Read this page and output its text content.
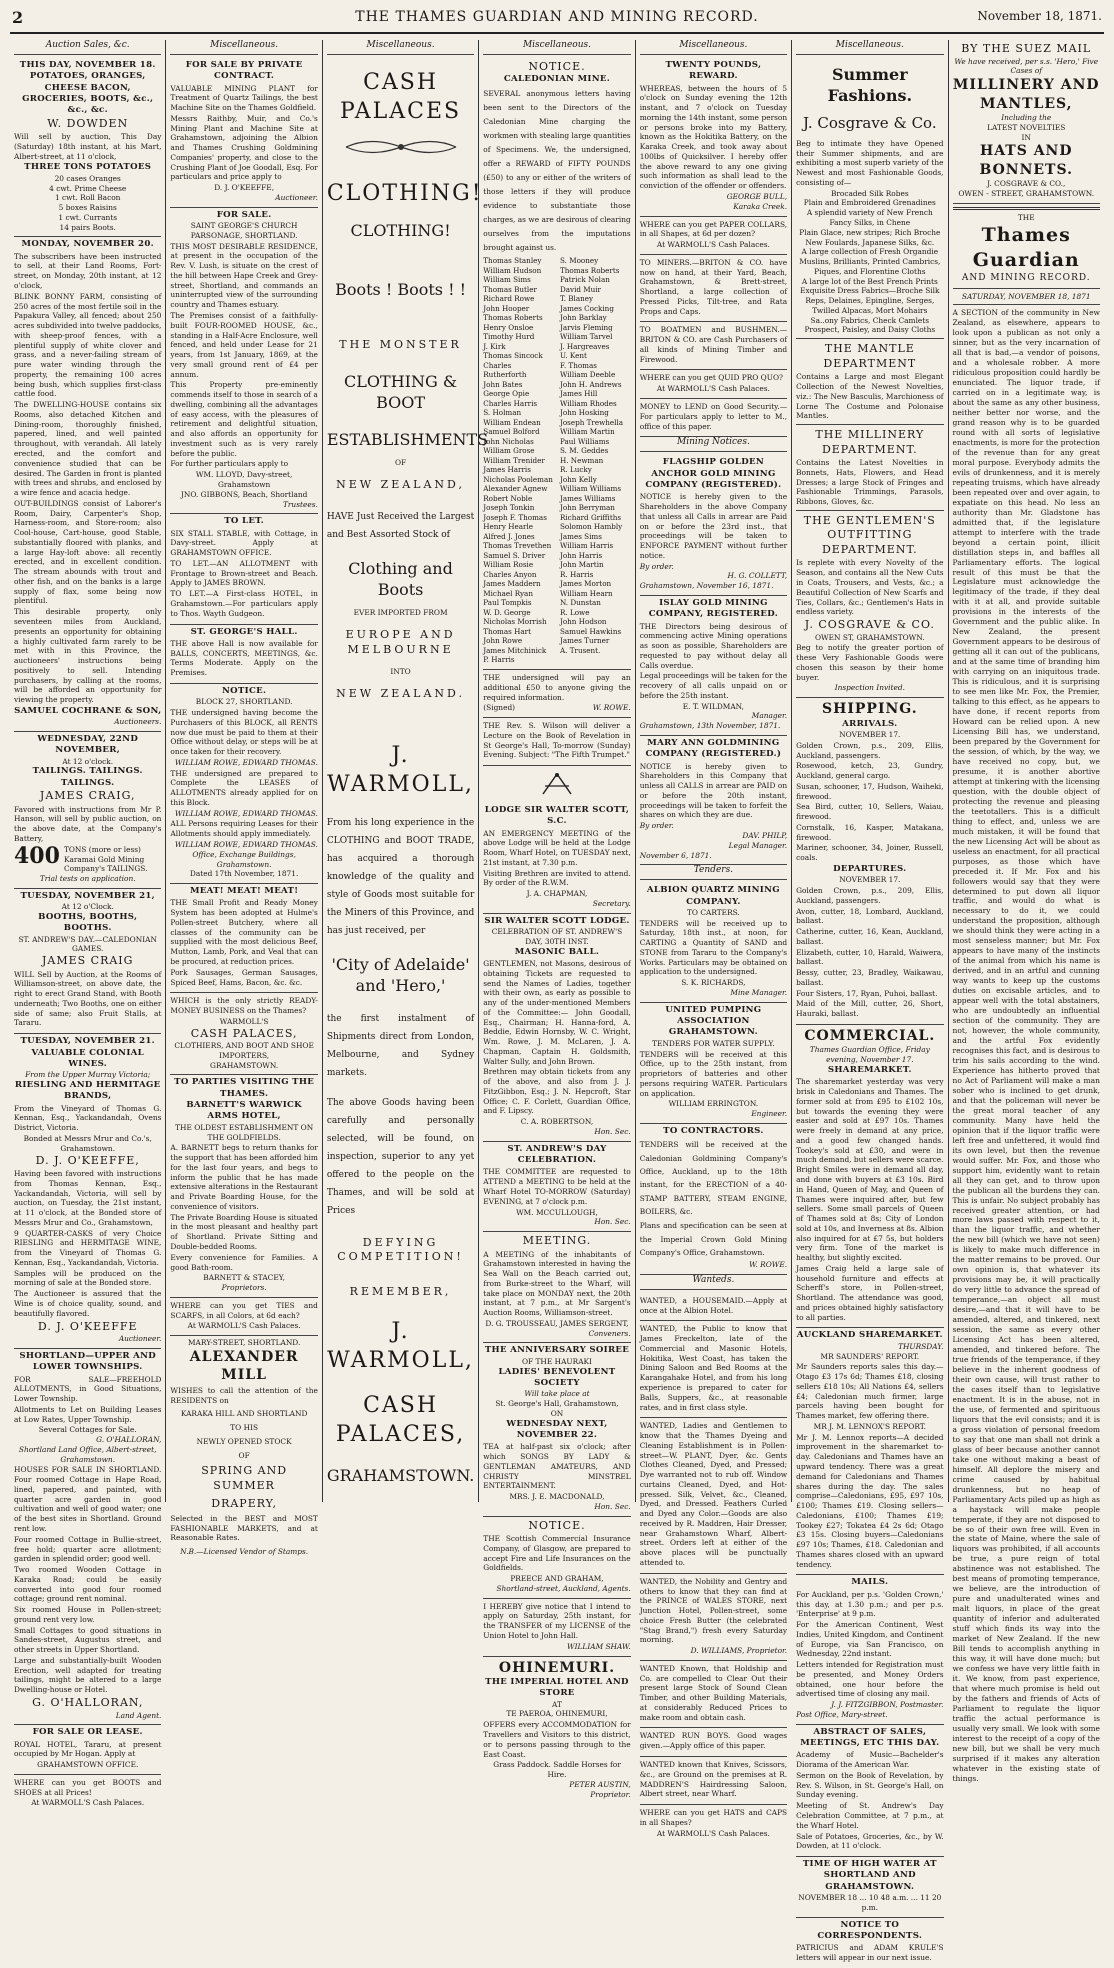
2	THE THAMES GUARDIAN AND MINING RECORD.	November 18, 1871.
Auction Sales, &c.
THIS DAY, NOVEMBER 18.
POTATOES, ORANGES, CHEESE BACON, GROCERIES, BOOTS, &c., &c., &c.
W. DOWDEN
Will sell by auction, This Day (Saturday) 18th instant, at his Mart, Albert-street, at 11 o'clock,
THREE TONS POTATOES
20 cases Oranges
4 cwt. Prime Cheese
1 cwt. Roll Bacon
5 boxes Raisins
1 cwt. Currants
14 pairs Boots.
MONDAY, NOVEMBER 20.
The subscribers have been instructed to sell, at their Land Rooms, Fort-street, on Monday, 20th instant, at 12 o'clock,
BLINK BONNY FARM, consisting of 250 acres of the most fertile soil in the Papakura Valley, all fenced; about 250 acres subdivided into twelve paddocks, with sheep-proof fences, with a plentiful supply of white clover and grass, and a never-failing stream of pure water winding through the property, the remaining 100 acres being bush, which supplies first-class cattle food.
The DWELLING-HOUSE contains six Rooms, also detached Kitchen and Dining-room, thoroughly finished, papered, lined, and well painted throughout, with verandah. All lately erected, and the comfort and convenience studied that can be desired. The Garden in front is planted with trees and shrubs, and enclosed by a wire fence and acacia hedge.
OUT-BUILDINGS consist of Laborer's Room, Dairy, Carpenter's Shop, Harness-room, and Store-room; also Cool-house, Cart-house, good Stable, substantially floored with planks, and a large Hay-loft above: all recently erected, and in excellent condition. The stream abounds with trout and other fish, and on the banks is a large supply of flax, some being now plentiful.
This desirable property, only seventeen miles from Auckland, presents an opportunity for obtaining a highly cultivated farm rarely to be met with in this Province, the auctioneers' instructions being positively to sell. Intending purchasers, by calling at the rooms, will be afforded an opportunity for viewing the property.
SAMUEL COCHRANE & SON,
Auctioneers.
WEDNESDAY, 22ND NOVEMBER,
At 12 o'clock.
TAILINGS. TAILINGS. TAILINGS.
JAMES CRAIG,
Favored with instructions from Mr P. Hanson, will sell by public auction, on the above date, at the Company's Battery,
400 TONS (more or less) Karamai Gold Mining Company's TAILINGS.
Trial tests on application.
TUESDAY, NOVEMBER 21,
At 12 o'Clock.
BOOTHS, BOOTHS, BOOTHS.
ST. ANDREW'S DAY.—CALEDONIAN GAMES.
JAMES CRAIG
WILL Sell by Auction, at the Rooms of Williamson-street, on above date, the right to erect Grand Stand, with Booth underneath; Two Booths, one on either side of same; also Fruit Stalls, at Tararu.
TUESDAY, NOVEMBER 21.
VALUABLE COLONIAL WINES.
From the Upper Murray Victoria;
RIESLING AND HERMITAGE BRANDS,
From the Vineyard of Thomas G. Kennan, Esq., Yackandandah, Ovens District, Victoria.
Bonded at Messrs Mrur and Co.'s, Grahamstown.
D. J. O'KEEFFE,
Having been favored with instructions from Thomas Kennan, Esq., Yackandandah, Victoria, will sell by auction, on Tuesday, the 21st instant, at 11 o'clock, at the Bonded store of Messrs Mrur and Co., Grahamstown,
9 QUARTER-CASKS of very Choice RIESLING and HERMITAGE WINE, from the Vineyard of Thomas G. Kennan, Esq., Yackandandah, Victoria.
Samples will be produced on the morning of sale at the Bonded store.
The Auctioneer is assured that the Wine is of choice quality, sound, and beautifully flavored.
D. J. O'KEEFFE
Auctioneer.
SHORTLAND—UPPER AND LOWER TOWNSHIPS.
FOR SALE—FREEHOLD ALLOTMENTS, in Good Situations, Lower Township.
Allotments to Let on Building Leases at Low Rates, Upper Township.
Several Cottages for Sale.
G. O'HALLORAN,
Shortland Land Office, Albert-street, Grahamstown.
HOUSES FOR SALE IN SHORTLAND. Four roomed Cottage in Hape Road, lined, papered, and painted, with quarter acre garden in good cultivation and well of good water; one of the best sites in Shortland. Ground rent low.
Four roomed Cottage in Bullie-street, free hold; quarter acre allotment; garden in splendid order; good well.
Two roomed Wooden Cottage in Karaka Road; could be easily converted into good four roomed cottage; ground rent nominal.
Six roomed House in Pollen-street; ground rent very low.
Small Cottages to good situations in Sandes-street, Augustus street, and other streets in Upper Shortland.
Large and substantially-built Wooden Erection, well adapted for treating tailings, might be altered to a large Dwelling-house or Hotel.
G. O'HALLORAN,
Land Agent.
FOR SALE OR LEASE.
ROYAL HOTEL, Tararu, at present occupied by Mr Hogan. Apply at
GRAHAMSTOWN OFFICE.
WHERE can you get BOOTS and SHOES at all Prices!
At WARMOLL'S Cash Palaces.
Miscellaneous.
FOR SALE BY PRIVATE CONTRACT.
VALUABLE MINING PLANT for Treatment of Quartz Tailings, the best Machine Site on the Thames Goldfield.
Messrs Raithby, Muir, and Co.'s Mining Plant and Machine Site at Grahamstown, adjoining the Albion and Thames Crushing Goldmining Companies' property, and close to the Crushing Plant of Joe Goodall, Esq. For particulars and price apply to
D. J. O'KEEFFE,
Auctioneer.
FOR SALE.
SAINT GEORGE'S CHURCH PARSONAGE, SHORTLAND.
THIS MOST DESIRABLE RESIDENCE, at present in the occupation of the Rev. V. Lush, is situate on the crest of the hill between Hape Creek and Grey-street, Shortland, and commands an uninterrupted view of the surrounding country and Thames estuary.
The Premises consist of a faithfully-built FOUR-ROOMED HOUSE, &c., standing in a Half-Acre Enclosure, well fenced, and held under Lease for 21 years, from 1st January, 1869, at the very small ground rent of £4 per annum.
This Property pre-eminently commends itself to those in search of a dwelling, combining all the advantages of easy access, with the pleasures of retirement and delightful situation, and also affords an opportunity for investment such as is very rarely before the public.
For further particulars apply to
WM. LLOYD, Davy-street, Grahamstown
JNO. GIBBONS, Beach, Shortland
Trustees.
TO LET.
SIX STALL STABLE, with Cottage, in Davy-street. Apply at GRAHAMSTOWN OFFICE.
TO LET.—AN ALLOTMENT with Frontage to Brown-street and Beach. Apply to JAMES BROWN.
TO LET.—A First-class HOTEL, in Grahamstown.—For particulars apply to Thos. Wayth Gudgeon.
ST. GEORGE'S HALL.
THE above Hall is now available for BALLS, CONCERTS, MEETINGS, &c. Terms Moderate. Apply on the Premises.
NOTICE.
BLOCK 27, SHORTLAND.
THE undersigned having become the Purchasers of this BLOCK, all RENTS now due must be paid to them at their Office without delay, or steps will be at once taken for their recovery.
WILLIAM ROWE, EDWARD THOMAS.
THE undersigned are prepared to Complete the LEASES of ALLOTMENTS already applied for on this Block.
WILLIAM ROWE, EDWARD THOMAS.
ALL Persons requiring Leases for their Allotments should apply immediately.
WILLIAM ROWE, EDWARD THOMAS.
Office, Exchange Buildings, Grahamstown.
Dated 17th November, 1871.
MEAT! MEAT! MEAT!
THE Small Profit and Ready Money System has been adopted at Hulme's Pollen-street Butchery, where all classes of the community can be supplied with the most delicious Beef, Mutton, Lamb, Pork, and Veal that can be procured, at reduction prices.
Pork Sausages, German Sausages, Spiced Beef, Hams, Bacon, &c. &c.
WHICH is the only strictly READY-MONEY BUSINESS on the Thames?
WARMOLL'S
CASH PALACES,
CLOTHIERS, AND BOOT AND SHOE IMPORTERS,
GRAHAMSTOWN.
TO PARTIES VISITING THE THAMES.
BARNETT'S WARWICK ARMS HOTEL,
THE OLDEST ESTABLISHMENT ON THE GOLDFIELDS.
A. BARNETT begs to return thanks for the support that has been afforded him for the last four years, and begs to inform the public that he has made extensive alterations in the Restaurant and Private Boarding House, for the convenience of visitors.
The Private Boarding House is situated in the most pleasant and healthy part of Shortland. Private Sitting and Double-bedded Rooms.
Every convenience for Families. A good Bath-room.
BARNETT & STACEY,
Proprietors.
WHERE can you get TIES and SCARFS, in all Colors, at 6d each?
At WARMOLL'S Cash Palaces.
MARY-STREET, SHORTLAND.
ALEXANDER MILL
WISHES to call the attention of the RESIDENTS on
KARAKA HILL AND SHORTLAND
TO HIS
NEWLY OPENED STOCK
OF
SPRING AND SUMMER
DRAPERY,
Selected in the BEST and MOST FASHIONABLE MARKETS, and at Reasonable Rates.
N.B.—Licensed Vendor of Stamps.
Miscellaneous.
CASH PALACES
CLOTHING!
CLOTHING!
Boots ! Boots ! !
THE MONSTER
CLOTHING & BOOT
ESTABLISHMENTS
OF
NEW ZEALAND,
HAVE Just Received the Largest and Best Assorted Stock of
Clothing and Boots
EVER IMPORTED FROM
EUROPE AND MELBOURNE
INTO
NEW ZEALAND.
J. WARMOLL,
From his long experience in the CLOTHING and BOOT TRADE, has acquired a thorough knowledge of the quality and style of Goods most suitable for the Miners of this Province, and has just received, per
'City of Adelaide' and 'Hero,'
the first instalment of Shipments direct from London, Melbourne, and Sydney markets.
The above Goods having been carefully and personally selected, will be found, on inspection, superior to any yet offered to the people on the Thames, and will be sold at Prices
DEFYING COMPETITION!
REMEMBER,
J. WARMOLL,
CASH PALACES,
GRAHAMSTOWN.
Miscellaneous.
NOTICE.
CALEDONIAN MINE.
SEVERAL anonymous letters having been sent to the Directors of the Caledonian Mine charging the workmen with stealing large quantities of Specimens. We, the undersigned, offer a REWARD of FIFTY POUNDS (£50) to any or either of the writers of those letters if they will produce evidence to substantiate those charges, as we are desirous of clearing ourselves from the imputations brought against us.
Thomas Stanley
William Hudson
William Sims
Thomas Butler
Richard Rowe
John Hooper
Thomas Roberts
Henry Onsloe
Timothy Hurd
J. Kirk
Thomas Sincock
Charles Rutherforth
John Bates
George Opie
Charles Harris
S. Holman
William Endean
Samuel Bolford
John Nicholas
William Grose
William Trenider
James Harris
Nicholas Pooleman
Alexander Agnew
Robert Noble
Joseph Tonkin
Joseph F. Thomas
Henry Hearle
Alfred J. Jones
Thomas Trevethen
Samuel S. Driver
William Rosie
Charles Anyon
James Maddern
Michael Ryan
Paul Tompkis
W. D. George
Nicholas Morrish
Thomas Hart
John Rowe
James Mitchinick
P. Harris
S. Mooney
Thomas Roberts
Patrick Nolan
David Muir
T. Blaney
James Cocking
John Barklay
Jarvis Fleming
William Tarvel
J. Hargreaves
U. Kent
F. Thomas
William Deeble
John H. Andrews
James Hill
William Rhodes
John Hosking
Joseph Trewhella
William Martin
Paul Williams
S. M. Geddes
H. Newman
R. Lucky
John Kelly
William Williams
James Williams
John Berryman
Richard Griffiths
Solomon Hambly
James Sims
William Harris
John Harris
John Martin
R. Harris
James Morton
William Hearn
N. Dunstan
R. Lowe
John Hodson
Samuel Hawkins
James Turner
A. Trusent.
THE undersigned will pay an additional £50 to anyone giving the required information.
(Signed)	W. ROWE.
THE Rev. S. Wilson will deliver a Lecture on the Book of Revelation in St George's Hall, To-morrow (Sunday) Evening. Subject: "The Fifth Trumpet."
LODGE SIR WALTER SCOTT, S.C.
AN EMERGENCY MEETING of the above Lodge will be held at the Lodge Room, Wharf Hotel, on TUESDAY next, 21st instant, at 7.30 p.m.
Visiting Brethren are invited to attend. By order of the R.W.M.
J. A. CHAPMAN,
Secretary.
SIR WALTER SCOTT LODGE.
CELEBRATION OF ST. ANDREW'S DAY, 30TH INST.
MASONIC BALL.
GENTLEMEN, not Masons, desirous of obtaining Tickets are requested to send the Names of Ladies, together with their own, as early as possible to any of the under-mentioned Members of the Committee:— John Goodall, Esq., Chairman; H. Hanna-ford, A. Beddie, Edwin Hornsby, W. C. Wright, Wm. Rowe, J. M. McLaren, J. A. Chapman, Captain H. Goldsmith, Walter Sully, and John Brown.
Brethren may obtain tickets from any of the above, and also from J. J. FitzGibbon, Esq.; J. N. Hepcroft, Star Office; C. F. Corlett, Guardian Office, and F. Lipscy.
C. A. ROBERTSON,
Hon. Sec.
ST. ANDREW'S DAY CELEBRATION.
THE COMMITTEE are requested to ATTEND a MEETING to be held at the Wharf Hotel TO-MORROW (Saturday) EVENING, at 7 o'clock p.m.
WM. MCCULLOUGH,
Hon. Sec.
MEETING.
A MEETING of the inhabitants of Grahamstown interested in having the Sea Wall on the Beach carried out, from Burke-street to the Wharf, will take place on MONDAY next, the 20th instant, at 7 p.m., at Mr Sargent's Auction Rooms, Williamson-street.
D. G. TROUSSEAU, JAMES SERGENT,
Conveners.
THE ANNIVERSARY SOIREE
OF THE HAURAKI
LADIES' BENEVOLENT SOCIETY
Will take place at
St. George's Hall, Grahamstown,
ON
WEDNESDAY NEXT, NOVEMBER 22.
TEA at half-past six o'clock; after which SONGS BY LADY & GENTLEMAN AMATEURS, AND CHRISTY MINSTREL ENTERTAINMENT.
MRS. J. E. MACDONALD,
Hon. Sec.
NOTICE.
THE Scottish Commercial Insurance Company, of Glasgow, are prepared to accept Fire and Life Insurances on the Goldfields.
PREECE AND GRAHAM,
Shortland-street, Auckland, Agents.
I HEREBY give notice that I intend to apply on Saturday, 25th instant, for the TRANSFER of my LICENSE of the Union Hotel to John Hall.
WILLIAM SHAW.
OHINEMURI.
THE IMPERIAL HOTEL AND STORE
AT
TE PAEROA, OHINEMURI,
OFFERS every ACCOMMODATION for Travellers and Visitors to this district, or to persons passing through to the East Coast.
Grass Paddock. Saddle Horses for Hire.
PETER AUSTIN,
Proprietor.
Miscellaneous.
TWENTY POUNDS, REWARD.
WHEREAS, between the hours of 5 o'clock on Sunday evening the 12th instant, and 7 o'clock on Tuesday morning the 14th instant, some person or persons broke into my Battery, known as the Hokitika Battery, on the Karaka Creek, and took away about 100lbs of Quicksilver. I hereby offer the above reward to any one giving such information as shall lead to the conviction of the offender or offenders.
GEORGE BULL,
Karaka Creek.
WHERE can you get PAPER COLLARS, in all Shapes, at 6d per dozen?
At WARMOLL'S Cash Palaces.
TO MINERS.—BRITON & CO. have now on hand, at their Yard, Beach, Grahamstown, & Brett-street, Shortland, a large collection of Pressed Picks, Tilt-tree, and Rata Props and Caps.
TO BOATMEN and BUSHMEN.—BRITON & CO. are Cash Purchasers of all kinds of Mining Timber and Firewood.
WHERE can you get QUID PRO QUO?
At WARMOLL'S Cash Palaces.
MONEY to LEND on Good Security.—For particulars apply to letter to M., office of this paper.
Mining Notices.
FLAGSHIP GOLDEN ANCHOR GOLD MINING COMPANY (REGISTERED).
NOTICE is hereby given to the Shareholders in the above Company that unless all Calls in arrear are Paid on or before the 23rd inst., that proceedings will be taken to ENFORCE PAYMENT without further notice.
By order.
H. G. COLLETT,
Grahamstown, November 16, 1871.
ISLAY GOLD MINING COMPANY, REGISTERED.
THE Directors being desirous of commencing active Mining operations as soon as possible, Shareholders are requested to pay without delay all Calls overdue.
Legal proceedings will be taken for the recovery of all calls unpaid on or before the 25th instant.
E. T. WILDMAN,
Manager.
Grahamstown, 13th November, 1871.
MARY ANN GOLDMINING COMPANY (REGISTERED.)
NOTICE is hereby given to Shareholders in this Company that unless all CALLS in arrear are PAID on or before the 20th instant, proceedings will be taken to forfeit the shares on which they are due.
By order.
DAV. PHILP,
Legal Manager.
November 6, 1871.
Tenders.
ALBION QUARTZ MINING COMPANY.
TO CARTERS.
TENDERS will be received up to Saturday, 18th inst., at noon, for CARTING a Quantity of SAND and STONE from Tararu to the Company's Works. Particulars may be obtained on application to the undersigned.
S. K. RICHARDS,
Mine Manager.
UNITED PUMPING ASSOCIATION GRAHAMSTOWN.
TENDERS FOR WATER SUPPLY.
TENDERS will be received at this Office, up to the 25th instant, from proprietors of batteries and other persons requiring WATER. Particulars on application.
WILLIAM ERRINGTON.
Engineer.
TO CONTRACTORS.
TENDERS will be received at the Caledonian Goldmining Company's Office, Auckland, up to the 18th instant, for the ERECTION of a 40-STAMP BATTERY, STEAM ENGINE, BOILERS, &c.
Plans and specification can be seen at the Imperial Crown Gold Mining Company's Office, Grahamstown.
W. ROWE.
Wanteds.
WANTED, a HOUSEMAID.—Apply at once at the Albion Hotel.
WANTED, the Public to know that James Freckelton, late of the Commercial and Masonic Hotels, Hokitika, West Coast, has taken the Dining Saloon and Bed Rooms at the Karangahake Hotel, and from his long experience is prepared to cater for Balls, Suppers, &c., at reasonable rates, and in first class style.
WANTED, Ladies and Gentlemen to know that the Thames Dyeing and Cleaning Establishment is in Pollen-street—W. PLANT, Dyer, &c. Gents Clothes Cleaned, Dyed, and Pressed; Dye warranted not to rub off. Window curtains Cleaned, Dyed, and Hot-pressed. Silk, Velvet, &c., Cleaned, Dyed, and Dressed. Feathers Curled and Dyed any Color.—Goods are also received by R. Maddren, Hair Dresser, near Grahamstown Wharf, Albert-street. Orders left at either of the above places will be punctually attended to.
WANTED, the Nobility and Gentry and others to know that they can find at the PRINCE of WALES STORE, next Junction Hotel, Pollen-street, some choice Fresh Butter (the celebrated "Stag Brand,") fresh every Saturday morning.
D. WILLIAMS, Proprietor.
WANTED Known, that Holdship and Co. are compelled to Clear Out their present large Stock of Sound Clean Timber, and other Building Materials, at considerably Reduced Prices to make room and obtain cash.
WANTED RUN BOYS. Good wages given.—Apply office of this paper.
WANTED known that Knives, Scissors, &c., are Ground on the premises at R. MADDREN'S Hairdressing Saloon, Albert street, near Wharf.
WHERE can you get HATS and CAPS in all Shapes?
At WARMOLL'S Cash Palaces.
Miscellaneous.
Summer Fashions.
J. Cosgrave & Co.
Beg to intimate they have Opened their Summer shipments, and are exhibiting a most superb variety of the Newest and most Fashionable Goods, consisting of—
Brocaded Silk Robes
Plain and Embroidered Grenadines
A splendid variety of New French Fancy Silks, in Chene
Plain Glace, new stripes; Rich Broche
New Foulards, Japanese Silks, &c.
A large collection of Fresh Organdie Muslins, Brilliants, Printed Cambrics, Piques, and Florentine Cloths
A large lot of the Best French Prints
Exquisite Dress Fabrics—Broche Silk Reps, Delaines, Epingline, Serges, Twilled Alpacas, Mort Mohairs
Sa..ony Fabrics, Check Camlets
Prospect, Paisley, and Daisy Cloths
THE MANTLE DEPARTMENT
Contains a Large and most Elegant Collection of the Newest Novelties, viz.: The New Basculis, Marchioness of Lorne The Costume and Polonaise Mantles.
THE MILLINERY DEPARTMENT.
Contains the Latest Novelties in Bonnets, Hats, Flowers, and Head Dresses; a large Stock of Fringes and Fashionable Trimmings, Parasols, Ribbons, Gloves, &c.
THE GENTLEMEN'S OUTFITTING DEPARTMENT.
Is replete with every Novelty of the Season, and contains all the New Cuts in Coats, Trousers, and Vests, &c.; a Beautiful Collection of New Scarfs and Ties, Collars, &c.; Gentlemen's Hats in endless variety.
J. COSGRAVE & CO.
OWEN ST, GRAHAMSTOWN.
Beg to notify the greater portion of these Very Fashionable Goods were chosen this season by their home buyer.
Inspection Invited.
SHIPPING.
ARRIVALS.
NOVEMBER 17.
Golden Crown, p.s., 209, Ellis, Auckland, passengers.
Rosewood, ketch, 23, Gundry, Auckland, general cargo.
Susan, schooner, 17, Hudson, Waiheki, firewood.
Sea Bird, cutter, 10, Sellers, Waiau, firewood.
Cornstalk, 16, Kasper, Matakana, firewood.
Mariner, schooner, 34, Joiner, Russell, coals.
DEPARTURES.
NOVEMBER 17.
Golden Crown, p.s., 209, Ellis, Auckland, passengers.
Avon, cutter, 18, Lombard, Auckland, ballast.
Catherine, cutter, 16, Kean, Auckland, ballast.
Elizabeth, cutter, 10, Harald, Waiwera, ballast.
Bessy, cutter, 23, Bradley, Waikawau, ballast.
Four Sisters, 17, Ryan, Puhoi, ballast.
Maid of the Mill, cutter, 26, Short, Hauraki, ballast.
COMMERCIAL.
Thames Guardian Office, Friday evening, November 17.
SHAREMARKET.
The sharemarket yesterday was very brisk in Caledonians and Thames. The former sold at from £95 to £102 10s, but towards the evening they were easier and sold at £97 10s. Thames were freely in demand at any price, and a good few changed hands. Tookey's sold at £30, and were in much demand, but sellers were scarce. Bright Smiles were in demand all day, and done with buyers at £3 10s. Bird in Hand, Queen of May, and Queen of Thames were inquired after, but few sellers. Some small parcels of Queen of Thames sold at 8s; City of London sold at 10s, and Inverness at 8s. Albion also inquired for at £7 5s, but holders very firm. Tone of the market is healthy, but slightly excited.
James Craig held a large sale of household furniture and effects at Scherff's store, in Pollen-street, Shortland. The attendance was good, and prices obtained highly satisfactory to all parties.
AUCKLAND SHAREMARKET.
THURSDAY.
MR SAUNDERS' REPORT.
Mr Saunders reports sales this day.—Otago £3 17s 6d; Thames £18, closing sellers £18 10s; All Nations £4, sellers £4; Caledonian much firmer, large parcels having been bought for Thames market, few offering there.
MR J. M. LENNOX'S REPORT.
Mr J. M. Lennox reports—A decided improvement in the sharemarket to-day. Caledonians and Thames have an upward tendency. There was a great demand for Caledonians and Thames shares during the day. The sales comprise—Caledonians, £95, £97 10s, £100; Thames £19. Closing sellers—Caledonians, £100; Thames £19; Tookey £27; Tokatea £4 2s 6d; Otago £3 15s. Closing buyers—Caledonians £97 10s; Thames, £18. Caledonian and Thames shares closed with an upward tendency.
MAILS.
For Auckland, per p.s. 'Golden Crown,' this day, at 1.30 p.m.; and per p.s. 'Enterprise' at 9 p.m.
For the American Continent, West Indies, United Kingdom, and Continent of Europe, via San Francisco, on Wednesday, 22nd instant.
Letters intended for Registration must be presented, and Money Orders obtained, one hour before the advertised time of closing any mail.
J. J. FITZGIBBON, Postmaster.
Post Office, Mary-street.
ABSTRACT OF SALES, MEETINGS, ETC THIS DAY.
Academy of Music—Bachelder's Diorama of the American War.
Sermon on the Book of Revelation, by Rev. S. Wilson, in St. George's Hall, on Sunday evening.
Meeting of St. Andrew's Day Celebration Committee, at 7 p.m., at the Wharf Hotel.
Sale of Potatoes, Groceries, &c., by W. Dowden, at 11 o'clock.
TIME OF HIGH WATER AT SHORTLAND AND GRAHAMSTOWN.
NOVEMBER 18 ... 10 48 a.m. ... 11 20 p.m.
NOTICE TO CORRESPONDENTS.
PATRICIUS and ADAM KRULE'S letters will appear in our next issue.
BY THE SUEZ MAIL
We have received, per s.s. 'Hero,' Five Cases of
MILLINERY AND
MANTLES,
Including the
LATEST NOVELTIES
IN
HATS AND BONNETS.
J. COSGRAVE & CO.,
OWEN - STREET, GRAHAMSTOWN.
THE
Thames Guardian
AND MINING RECORD.
SATURDAY, NOVEMBER 18, 1871
A SECTION of the community in New Zealand, as elsewhere, appears to look upon a publican as not only a sinner, but as the very incarnation of all that is bad,—a vendor of poisons, and a wholesale robber. A more ridiculous proposition could hardly be enunciated. The liquor trade, if carried on in a legitimate way, is about the same as any other business, neither better nor worse, and the grand reason why is to be guarded round with all sorts of legislative enactments, is more for the protection of the revenue than for any great moral purpose. Everybody admits the evils of drunkenness, and it is merely repeating truisms, which have already been repeated over and over again, to expatiate on this head. No less an authority than Mr. Gladstone has admitted that, if the legislature attempt to interfere with the trade beyond a certain point, illicit distillation steps in, and baffles all Parliamentary efforts. The logical result of this must be that the Legislature must acknowledge the legitimacy of the trade, if they deal with it at all, and provide suitable provisions in the interests of the Government and the public alike. In New Zealand, the present Government appears to be desirous of getting all it can out of the publicans, and at the same time of branding him with carrying on an iniquitous trade. This is ridiculous, and it is surprising to see men like Mr. Fox, the Premier, talking to this effect, as he appears to have done, if recent reports from Howard can be relied upon. A new Licensing Bill has, we understand, been prepared by the Government for the session, of which, by the way, we have received no copy, but, we presume, it is another abortive attempt at tinkering with the licensing question, with the double object of protecting the revenue and pleasing the teetotallers. This is a difficult thing to effect, and, unless we are much mistaken, it will be found that the new Licensing Act will be about as useless an enactment, for all practical purposes, as those which have preceded it. If Mr. Fox and his followers would say that they were determined to put down all liquor traffic, and would do what is necessary to do it, we could understand the proposition, although we should think they were acting in a most senseless manner; but Mr. Fox appears to have many of the instincts of the animal from which his name is derived, and in an artful and cunning way wants to keep up the customs duties on excisable articles, and to appear well with the total abstainers, who are undoubtedly an influential section of the community. They are not, however, the whole community, and the artful Fox evidently recognises this fact, and is desirous to trim his sails according to the wind. Experience has hitherto proved that no Act of Parliament will make a man sober who is inclined to get drunk, and that the policeman will never be the great moral teacher of any community. Many have held the opinion that if the liquor traffic were left free and unfettered, it would find its own level, but then the revenue would suffer. Mr. Fox, and those who support him, evidently want to retain all they can get, and to throw upon the publican all the burdens they can. This is unfair. No subject probably has received greater attention, or had more laws passed with respect to it, than the liquor traffic, and whether the new bill (which we have not seen) is likely to make much difference in the matter remains to be proved. Our own opinion is, that whatever its provisions may be, it will practically do very little to advance the spread of temperance,—an object all must desire,—and that it will have to be amended, altered, and tinkered, next session, the same as every other Licensing Act has been altered, amended, and tinkered before. The true friends of the temperance, if they believe in the inherent goodness of their own cause, will trust rather to the cases itself than to legislative enactment. It is in the abuse, not in the use, of fermented and spirituous liquors that the evil consists; and it is a gross violation of personal freedom to say that one man shall not drink a glass of beer because another cannot take one without making a beast of himself. All deplore the misery and crime caused by habitual drunkenness, but no heap of Parliamentary Acts piled up as high as a haystack will make people temperate, if they are not disposed to be so of their own free will. Even in the state of Maine, where the sale of liquors was prohibited, if all accounts be true, a pure reign of total abstinence was not established. The best means of promoting temperance, we believe, are the introduction of pure and unadulterated wines and malt liquors, in place of the great quantity of inferior and adulterated stuff which finds its way into the market of New Zealand. If the new Bill tends to accomplish anything in this way, it will have done much; but we confess we have very little faith in it. We know, from past experience, that where much promise is held out by the fathers and friends of Acts of Parliament to regulate the liquor traffic the actual performance is usually very small. We look with some interest to the receipt of a copy of the new bill, but we shall be very much surprised if it makes any alteration whatever in the existing state of things.
